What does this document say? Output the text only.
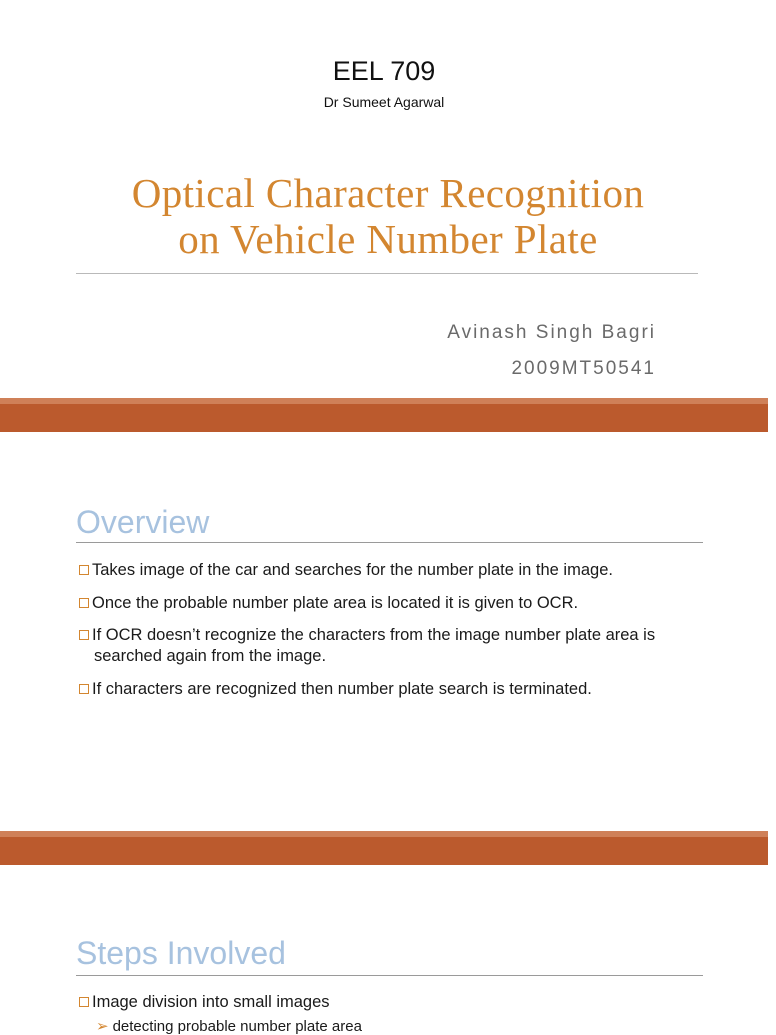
EEL 709
Dr Sumeet Agarwal
Optical Character Recognition
on Vehicle Number Plate
Avinash Singh Bagri
2009MT50541
Overview
Takes image of the car and searches for the number plate in the image.
Once the probable number plate area is located it is given to OCR.
If OCR doesn’t recognize the characters from the image number plate area is searched again from the image.
If characters are recognized then number plate search is terminated.
Steps Involved
Image division into small images
➢ detecting probable number plate area
